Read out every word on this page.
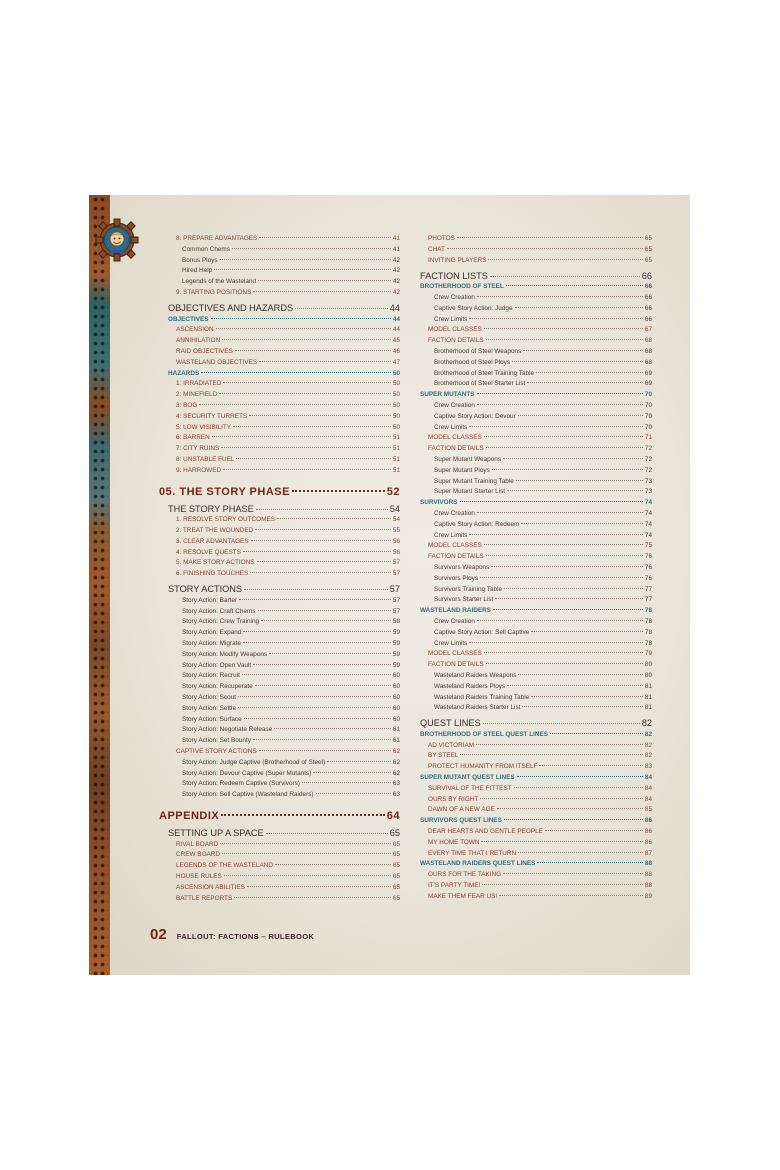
8. PREPARE ADVANTAGES	41
Common Chems	41
Bonus Ploys	42
Hired Help	42
Legends of the Wasteland	42
9. STARTING POSITIONS	42
OBJECTIVES AND HAZARDS	44
OBJECTIVES	44
ASCENSION	44
ANNIHILATION	45
RAID OBJECTIVES	46
WASTELAND OBJECTIVES	47
HAZARDS	50
1: IRRADIATED	50
2: MINEFIELD	50
3: BOG	50
4: SECURITY TURRETS	50
5: LOW VISIBILITY	50
6: BARREN	51
7: CITY RUINS	51
8: UNSTABLE FUEL	51
9: HARROWED	51
05. THE STORY PHASE	52
THE STORY PHASE	54
1. RESOLVE STORY OUTCOMES	54
2. TREAT THE WOUNDED	55
3. CLEAR ADVANTAGES	56
4. RESOLVE QUESTS	56
5. MAKE STORY ACTIONS	57
6. FINISHING TOUCHES	57
STORY ACTIONS	57
Story Action: Barter	57
Story Action: Craft Chems	57
Story Action: Crew Training	58
Story Action: Expand	59
Story Action: Migrate	59
Story Action: Modify Weapons	59
Story Action: Open Vault	59
Story Action: Recruit	60
Story Action: Recuperate	60
Story Action: Scout	60
Story Action: Settle	60
Story Action: Surface	60
Story Action: Negotiate Release	61
Story Action: Set Bounty	61
CAPTIVE STORY ACTIONS	62
Story Action: Judge Captive (Brotherhood of Steel)	62
Story Action: Devour Captive (Super Mutants)	62
Story Action: Redeem Captive (Survivors)	63
Story Action: Sell Captive (Wasteland Raiders)	63
APPENDIX	64
SETTING UP A SPACE	65
RIVAL BOARD	65
CREW BOARD	65
LEGENDS OF THE WASTELAND	65
HOUSE RULES	65
ASCENSION ABILITIES	65
BATTLE REPORTS	65
PHOTOS	65
CHAT	65
INVITING PLAYERS	65
FACTION LISTS	66
BROTHERHOOD OF STEEL	66
Crew Creation	66
Captive Story Action: Judge	66
Crew Limits	66
MODEL CLASSES	67
FACTION DETAILS	68
Brotherhood of Steel Weapons	68
Brotherhood of Steel Ploys	68
Brotherhood of Steel Training Table	69
Brotherhood of Steel Starter List	69
SUPER MUTANTS	70
Crew Creation	70
Captive Story Action: Devour	70
Crew Limits	70
MODEL CLASSES	71
FACTION DETAILS	72
Super Mutant Weapons	72
Super Mutant Ploys	72
Super Mutant Training Table	73
Super Mutant Starter List	73
SURVIVORS	74
Crew Creation	74
Captive Story Action: Redeem	74
Crew Limits	74
MODEL CLASSES	75
FACTION DETAILS	76
Survivors Weapons	76
Survivors Ploys	76
Survivors Training Table	77
Survivors Starter List	77
WASTELAND RAIDERS	78
Crew Creation	78
Captive Story Action: Sell Captive	78
Crew Limits	78
MODEL CLASSES	79
FACTION DETAILS	80
Wasteland Raiders Weapons	80
Wasteland Raiders Ploys	81
Wasteland Raiders Training Table	81
Wasteland Raiders Starter List	81
QUEST LINES	82
BROTHERHOOD OF STEEL QUEST LINES	82
AD VICTORIAM	82
BY STEEL	82
PROTECT HUMANITY FROM ITSELF	83
SUPER MUTANT QUEST LINES	84
SURVIVAL OF THE FITTEST	84
OURS BY RIGHT	84
DAWN OF A NEW AGE	85
SURVIVORS QUEST LINES	86
DEAR HEARTS AND GENTLE PEOPLE	86
MY HOME TOWN	86
EVERY TIME THAT I RETURN	87
WASTELAND RAIDERS QUEST LINES	88
OURS FOR THE TAKING	88
IT'S PARTY TIME!	88
MAKE THEM FEAR US!	89
02 FALLOUT: FACTIONS – RULEBOOK
